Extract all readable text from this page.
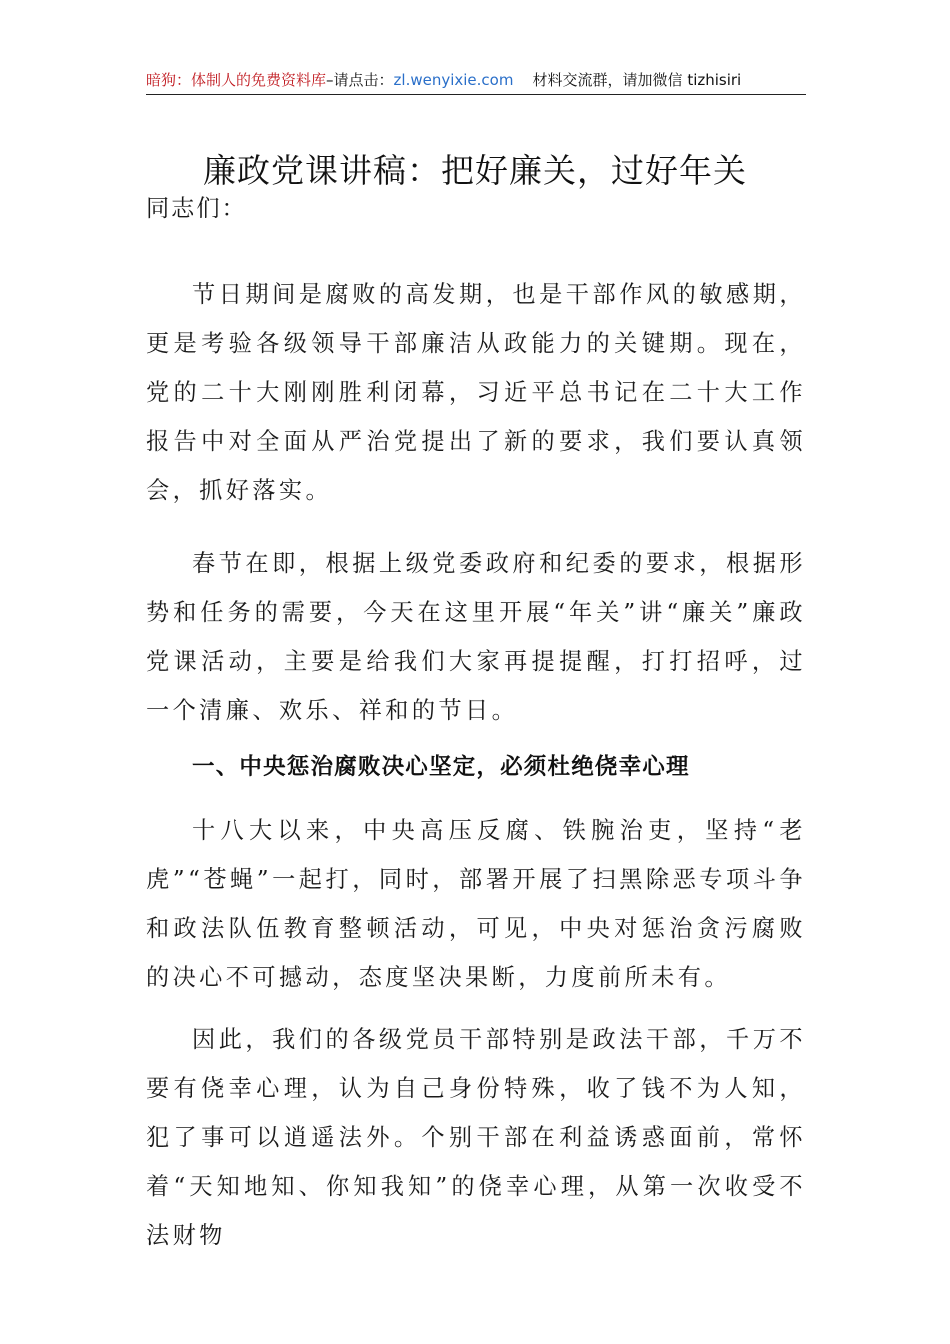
暗狗：体制人的免费资料库–请点击：zl.wenyixie.com 材料交流群，请加微信 tizhisiri
廉政党课讲稿：把好廉关，过好年关
同志们：
节日期间是腐败的高发期，也是干部作风的敏感期，更是考验各级领导干部廉洁从政能力的关键期。现在，党的二十大刚刚胜利闭幕，习近平总书记在二十大工作报告中对全面从严治党提出了新的要求，我们要认真领会，抓好落实。
春节在即，根据上级党委政府和纪委的要求，根据形势和任务的需要，今天在这里开展“年关”讲“廉关”廉政党课活动，主要是给我们大家再提提醒，打打招呼，过一个清廉、欢乐、祥和的节日。
一、中央惩治腐败决心坚定，必须杜绝侥幸心理
十八大以来，中央高压反腐、铁腕治吏，坚持“老虎”“苍蝇”一起打，同时，部署开展了扫黑除恶专项斗争和政法队伍教育整顿活动，可见，中央对惩治贪污腐败的决心不可撼动，态度坚决果断，力度前所未有。
因此，我们的各级党员干部特别是政法干部，千万不要有侥幸心理，认为自己身份特殊，收了钱不为人知，犯了事可以逍遥法外。个别干部在利益诱惑面前，常怀着“天知地知、你知我知”的侥幸心理，从第一次收受不法财物
